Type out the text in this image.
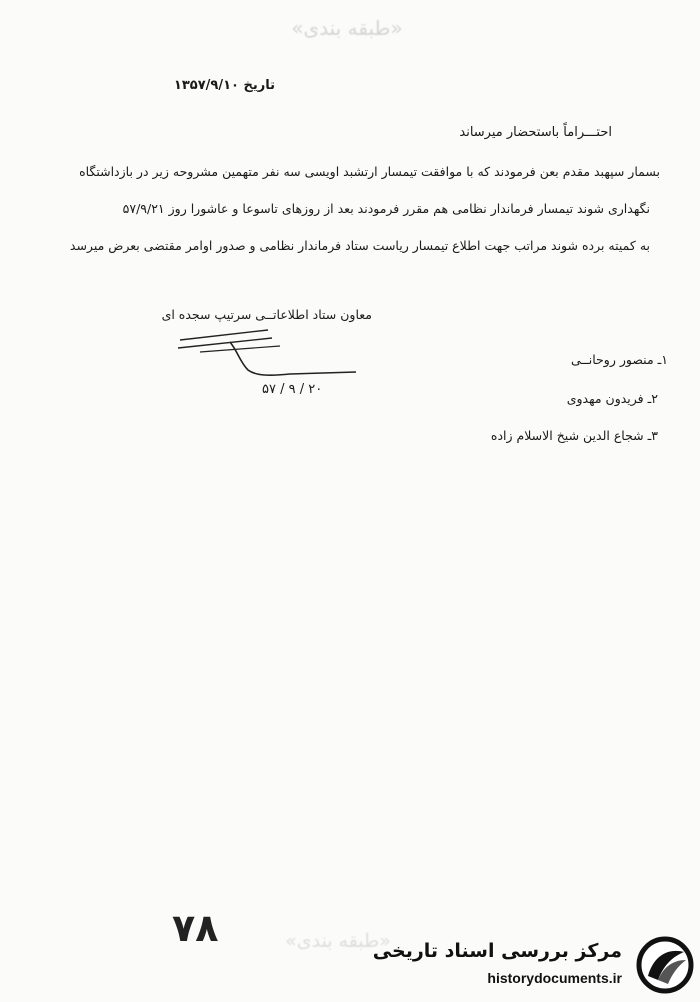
«طبقه بندی»
تاریخ ۱۳۵۷/۹/۱۰
احتـــراماً باستحضار میرساند
بسمار سپهبد مقدم بعن فرمودند که با موافقت تیمسار ارتشبد اویسی سه نفر متهمین مشروحه زیر در بازداشتگاه
نگهداری شوند تیمسار فرماندار نظامی هم مقرر فرمودند بعد از روزهای تاسوعا و عاشورا روز ۵۷/۹/۲۱
به کمیته برده شوند مراتب جهت اطلاع تیمسار ریاست ستاد فرماندار نظامی و صدور اوامر مقتضی بعرض میرسد
معاون ستاد اطلاعاتــی سرتیپ سجده ای
۵۷ / ۹ / ۲۰
۱ـ منصور روحانــی
۲ـ فریدون مهدوی
۳ـ شجاع الدین شیخ الاسلام زاده
۷۸	«طبقه بندی»
مرکز بررسی اسناد تاریخی
historydocuments.ir
